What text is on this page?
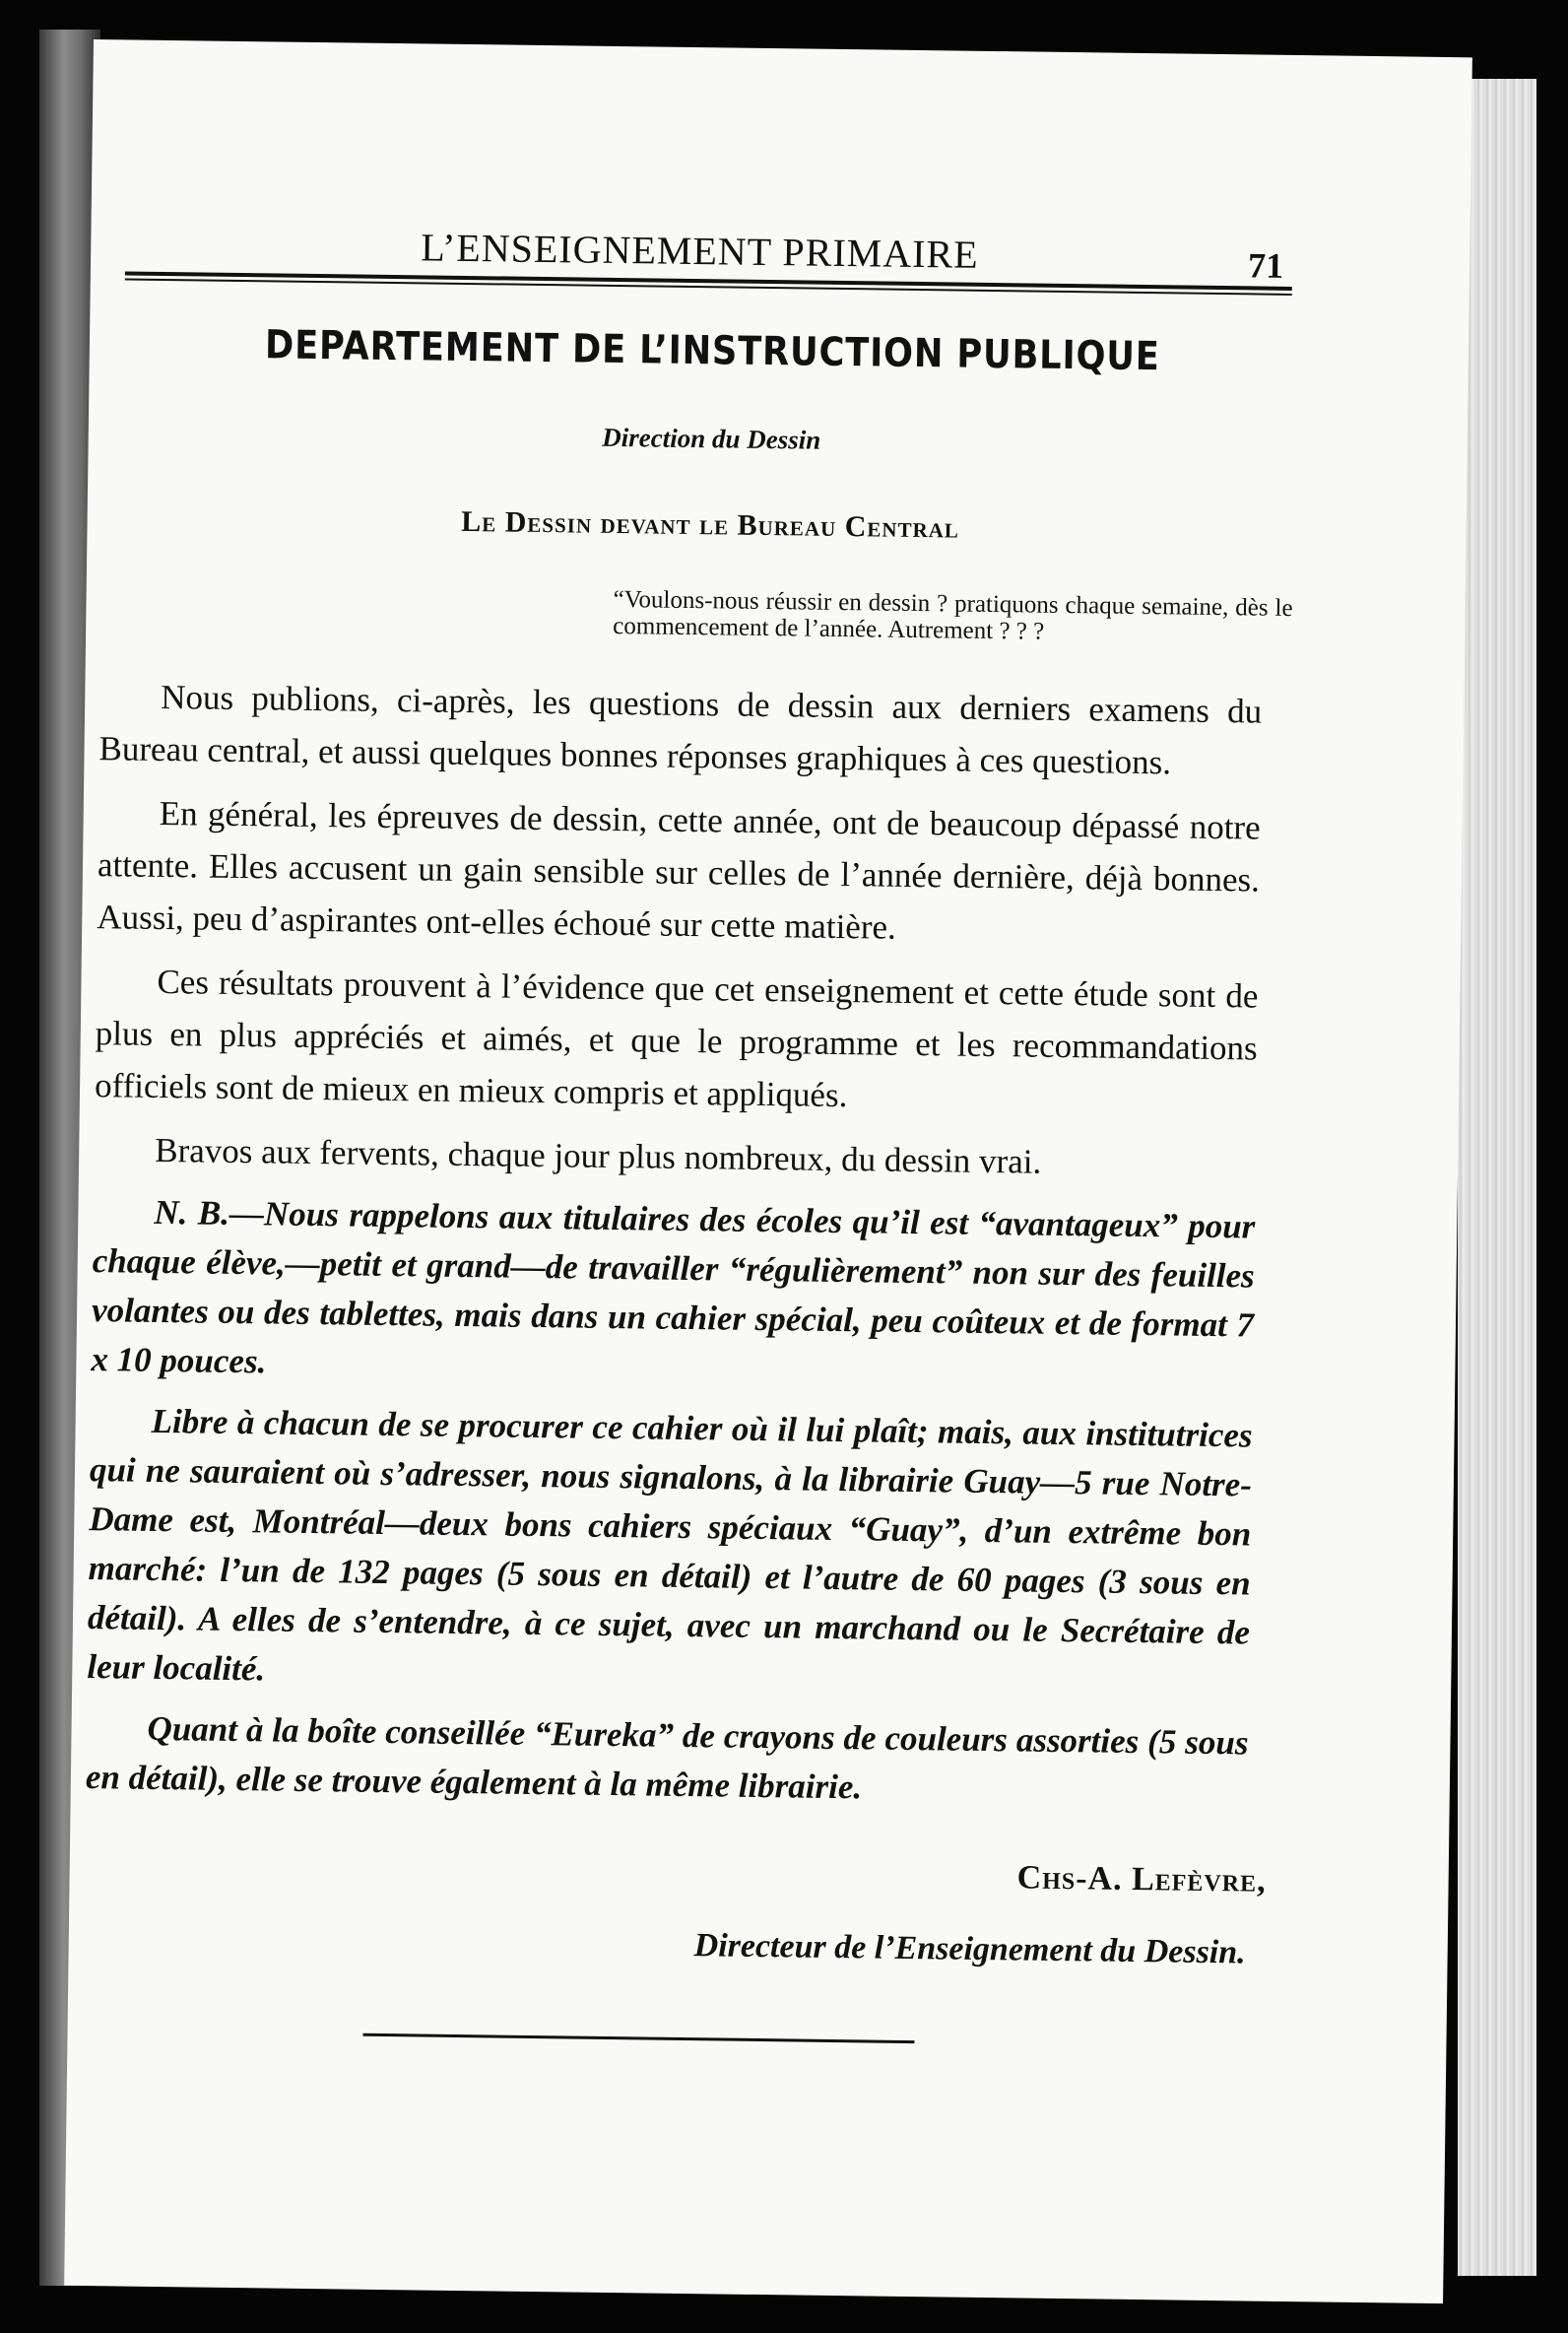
L’ENSEIGNEMENT PRIMAIRE	71
DEPARTEMENT DE L’INSTRUCTION PUBLIQUE
Direction du Dessin
Le Dessin devant le Bureau Central
“Voulons-nous réussir en dessin ? pratiquons chaque semaine, dès le commencement de l’année. Autrement ? ? ?

Nous publions, ci-après, les questions de dessin aux derniers examens du Bureau central, et aussi quelques bonnes réponses graphiques à ces questions.

En général, les épreuves de dessin, cette année, ont de beaucoup dépassé notre attente. Elles accusent un gain sensible sur celles de l’année dernière, déjà bonnes. Aussi, peu d’aspirantes ont-elles échoué sur cette matière.

Ces résultats prouvent à l’évidence que cet enseignement et cette étude sont de plus en plus appréciés et aimés, et que le programme et les recommandations officiels sont de mieux en mieux compris et appliqués.

Bravos aux fervents, chaque jour plus nombreux, du dessin vrai.

N. B.—Nous rappelons aux titulaires des écoles qu’il est “avantageux” pour chaque élève,—petit et grand—de travailler “régulièrement” non sur des feuilles volantes ou des tablettes, mais dans un cahier spécial, peu coûteux et de format 7 x 10 pouces.

Libre à chacun de se procurer ce cahier où il lui plaît; mais, aux institutrices qui ne sauraient où s’adresser, nous signalons, à la librairie Guay—5 rue Notre-Dame est, Montréal—deux bons cahiers spéciaux “Guay”, d’un extrême bon marché: l’un de 132 pages (5 sous en détail) et l’autre de 60 pages (3 sous en détail). A elles de s’entendre, à ce sujet, avec un marchand ou le Secrétaire de leur localité.

Quant à la boîte conseillée “Eureka” de crayons de couleurs assorties (5 sous en détail), elle se trouve également à la même librairie.

Chs-A. Lefèvre,
Directeur de l’Enseignement du Dessin.
